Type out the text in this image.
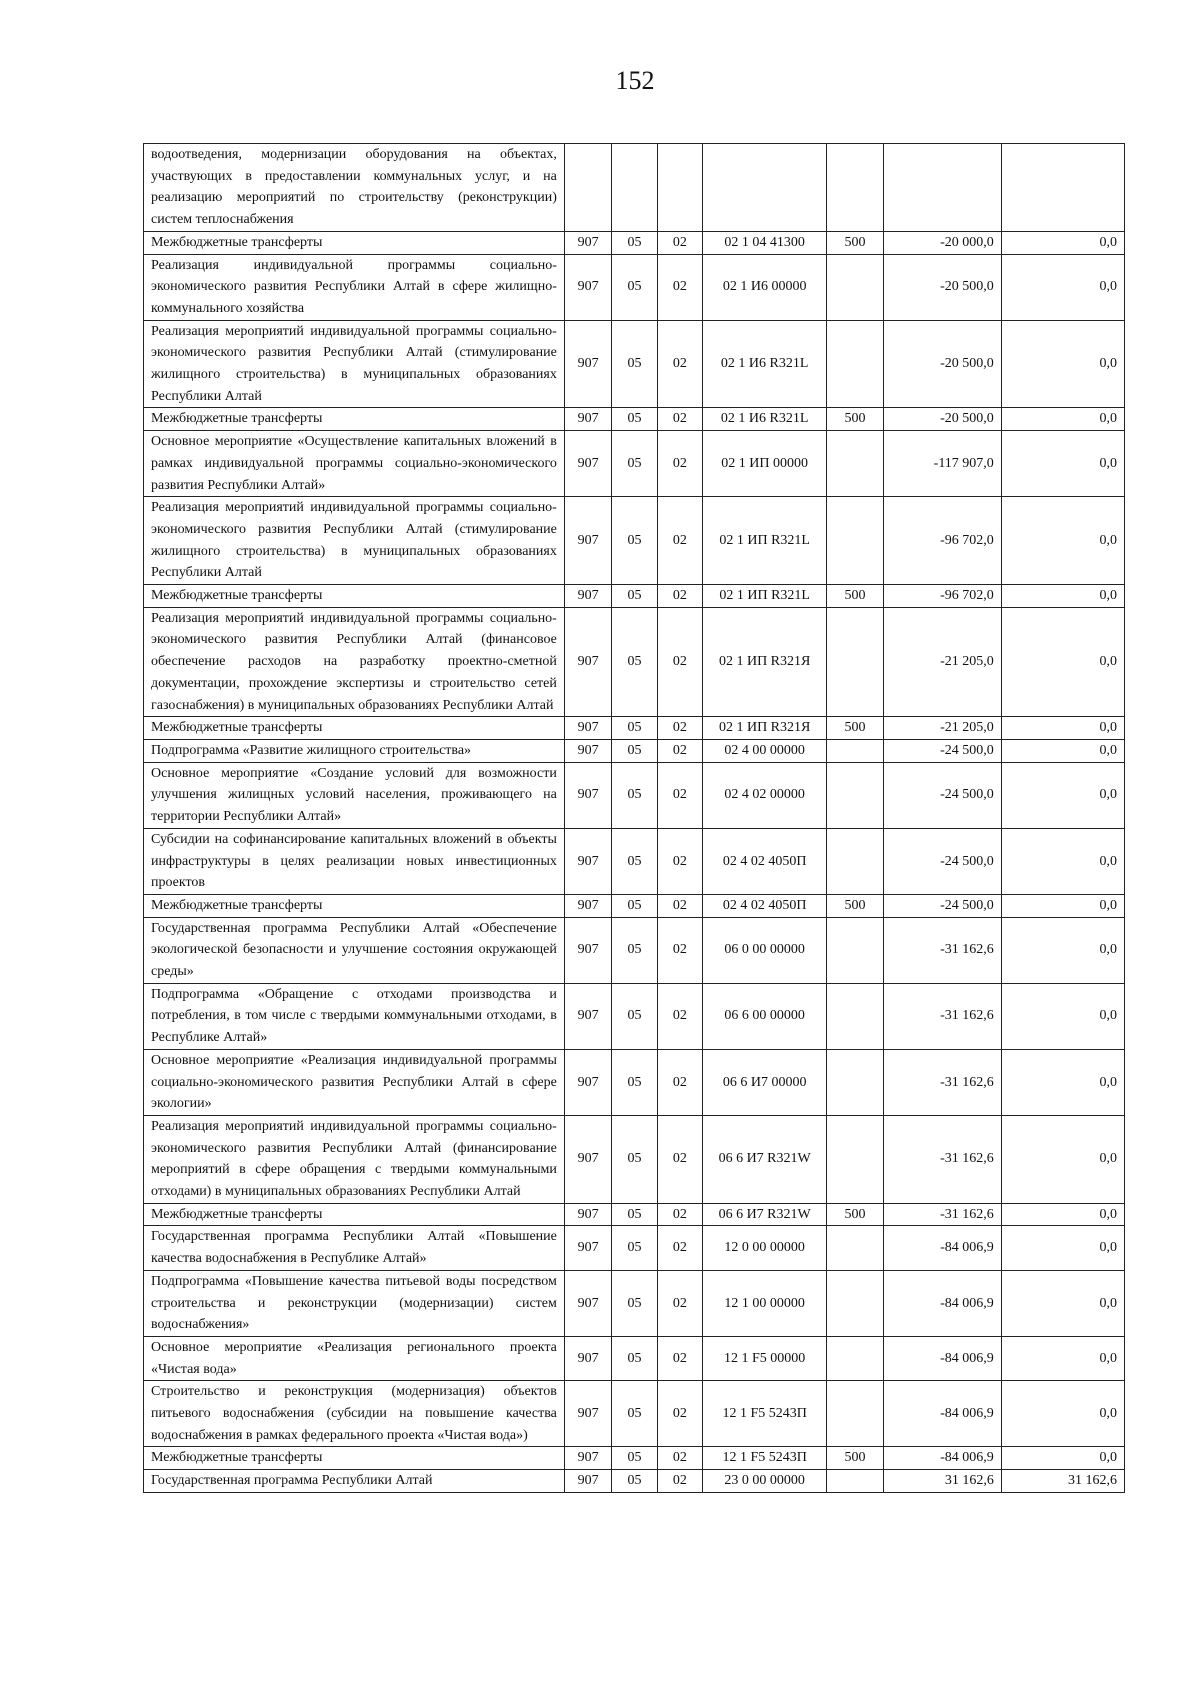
152
водоотведения, модернизации оборудования на объектах, участвующих в предоставлении коммунальных услуг, и на реализацию мероприятий по строительству (реконструкции) систем теплоснабжения							
Межбюджетные трансферты	907	05	02	02 1 04 41300	500	-20 000,0	0,0
Реализация индивидуальной программы социально-экономического развития Республики Алтай в сфере жилищно-коммунального хозяйства	907	05	02	02 1 И6 00000		-20 500,0	0,0
Реализация мероприятий индивидуальной программы социально-экономического развития Республики Алтай (стимулирование жилищного строительства) в муниципальных образованиях Республики Алтай	907	05	02	02 1 И6 R321L		-20 500,0	0,0
Межбюджетные трансферты	907	05	02	02 1 И6 R321L	500	-20 500,0	0,0
Основное мероприятие «Осуществление капитальных вложений в рамках индивидуальной программы социально-экономического развития Республики Алтай»	907	05	02	02 1 ИП 00000		-117 907,0	0,0
Реализация мероприятий индивидуальной программы социально-экономического развития Республики Алтай (стимулирование жилищного строительства) в муниципальных образованиях Республики Алтай	907	05	02	02 1 ИП R321L		-96 702,0	0,0
Межбюджетные трансферты	907	05	02	02 1 ИП R321L	500	-96 702,0	0,0
Реализация мероприятий индивидуальной программы социально-экономического развития Республики Алтай (финансовое обеспечение расходов на разработку проектно-сметной документации, прохождение экспертизы и строительство сетей газоснабжения) в муниципальных образованиях Республики Алтай	907	05	02	02 1 ИП R321Я		-21 205,0	0,0
Межбюджетные трансферты	907	05	02	02 1 ИП R321Я	500	-21 205,0	0,0
Подпрограмма «Развитие жилищного строительства»	907	05	02	02 4 00 00000		-24 500,0	0,0
Основное мероприятие «Создание условий для возможности улучшения жилищных условий населения, проживающего на территории Республики Алтай»	907	05	02	02 4 02 00000		-24 500,0	0,0
Субсидии на софинансирование капитальных вложений в объекты инфраструктуры в целях реализации новых инвестиционных проектов	907	05	02	02 4 02 4050П		-24 500,0	0,0
Межбюджетные трансферты	907	05	02	02 4 02 4050П	500	-24 500,0	0,0
Государственная программа Республики Алтай «Обеспечение экологической безопасности и улучшение состояния окружающей среды»	907	05	02	06 0 00 00000		-31 162,6	0,0
Подпрограмма «Обращение с отходами производства и потребления, в том числе с твердыми коммунальными отходами, в Республике Алтай»	907	05	02	06 6 00 00000		-31 162,6	0,0
Основное мероприятие «Реализация индивидуальной программы социально-экономического развития Республики Алтай в сфере экологии»	907	05	02	06 6 И7 00000		-31 162,6	0,0
Реализация мероприятий индивидуальной программы социально-экономического развития Республики Алтай (финансирование мероприятий в сфере обращения с твердыми коммунальными отходами) в муниципальных образованиях Республики Алтай	907	05	02	06 6 И7 R321W		-31 162,6	0,0
Межбюджетные трансферты	907	05	02	06 6 И7 R321W	500	-31 162,6	0,0
Государственная программа Республики Алтай «Повышение качества водоснабжения в Республике Алтай»	907	05	02	12 0 00 00000		-84 006,9	0,0
Подпрограмма «Повышение качества питьевой воды посредством строительства и реконструкции (модернизации) систем водоснабжения»	907	05	02	12 1 00 00000		-84 006,9	0,0
Основное мероприятие «Реализация регионального проекта «Чистая вода»	907	05	02	12 1 F5 00000		-84 006,9	0,0
Строительство и реконструкция (модернизация) объектов питьевого водоснабжения (субсидии на повышение качества водоснабжения в рамках федерального проекта «Чистая вода»)	907	05	02	12 1 F5 5243П		-84 006,9	0,0
Межбюджетные трансферты	907	05	02	12 1 F5 5243П	500	-84 006,9	0,0
Государственная программа Республики Алтай	907	05	02	23 0 00 00000		31 162,6	31 162,6
